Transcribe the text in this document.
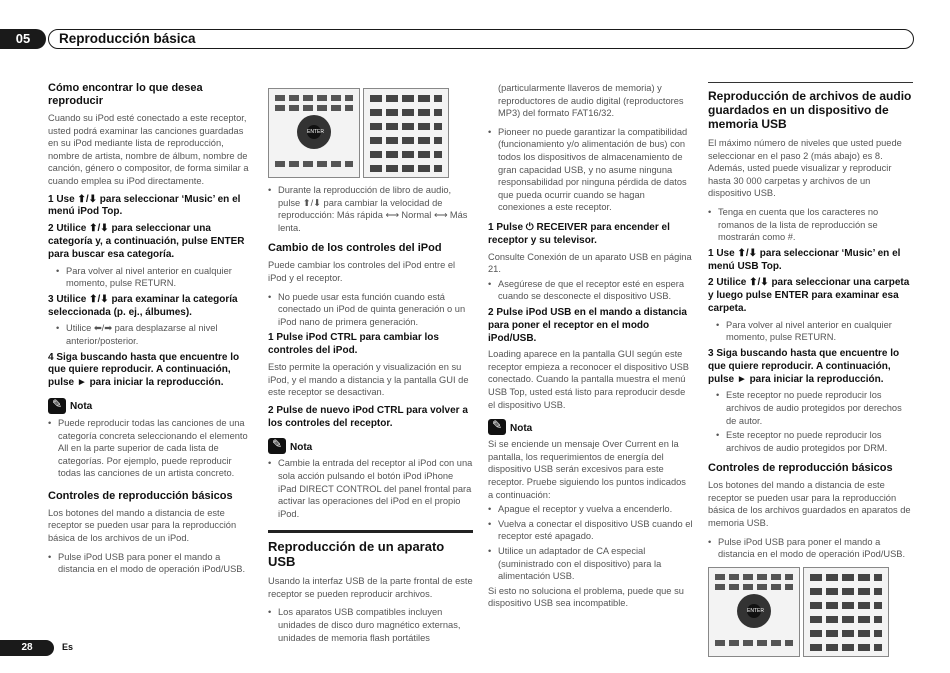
05	Reproducción básica
Cómo encontrar lo que desea reproducir
Cuando su iPod esté conectado a este receptor, usted podrá examinar las canciones guardadas en su iPod mediante lista de reproducción, nombre de artista, nombre de álbum, nombre de canción, género o compositor, de forma similar a cuando emplea su iPod directamente.
1 Use ⬆/⬇ para seleccionar ‘Music’ en el menú iPod Top.
2 Utilice ⬆/⬇ para seleccionar una categoría y, a continuación, pulse ENTER para buscar esa categoría.
• Para volver al nivel anterior en cualquier momento, pulse RETURN.
3 Utilice ⬆/⬇ para examinar la categoría seleccionada (p. ej., álbumes).
• Utilice ⬅/➡ para desplazarse al nivel anterior/posterior.
4 Siga buscando hasta que encuentre lo que quiere reproducir. A continuación, pulse ► para iniciar la reproducción.
✎
Nota
• Puede reproducir todas las canciones de una categoría concreta seleccionando el elemento All en la parte superior de cada lista de categorías. Por ejemplo, puede reproducir todas las canciones de un artista concreto.
Controles de reproducción básicos
Los botones del mando a distancia de este receptor se pueden usar para la reproducción básica de los archivos de un iPod.
• Pulse iPod USB para poner el mando a distancia en el modo de operación iPod/USB.
ENTER
• Durante la reproducción de libro de audio, pulse ⬆/⬇ para cambiar la velocidad de reproducción: Más rápida ⟷ Normal ⟷ Más lenta.
Cambio de los controles del iPod
Puede cambiar los controles del iPod entre el iPod y el receptor.
• No puede usar esta función cuando está conectado un iPod de quinta generación o un iPod nano de primera generación.
1 Pulse iPod CTRL para cambiar los controles del iPod.
Esto permite la operación y visualización en su iPod, y el mando a distancia y la pantalla GUI de este receptor se desactivan.
2 Pulse de nuevo iPod CTRL para volver a los controles del receptor.
✎
Nota
• Cambie la entrada del receptor al iPod con una sola acción pulsando el botón iPod iPhone iPad DIRECT CONTROL del panel frontal para activar las operaciones del iPod en el propio iPod.
Reproducción de un aparato USB
Usando la interfaz USB de la parte frontal de este receptor se pueden reproducir archivos.
• Los aparatos USB compatibles incluyen unidades de disco duro magnético externas, unidades de memoria flash portátiles
(particularmente llaveros de memoria) y reproductores de audio digital (reproductores MP3) del formato FAT16/32.
• Pioneer no puede garantizar la compatibilidad (funcionamiento y/o alimentación de bus) con todos los dispositivos de almacenamiento de gran capacidad USB, y no asume ninguna responsabilidad por ninguna pérdida de datos que pueda ocurrir cuando se hagan conexiones a este receptor.
1 Pulse ⏻ RECEIVER para encender el receptor y su televisor.
Consulte Conexión de un aparato USB en página 21.
• Asegúrese de que el receptor esté en espera cuando se desconecte el dispositivo USB.
2 Pulse iPod USB en el mando a distancia para poner el receptor en el modo iPod/USB.
Loading aparece en la pantalla GUI según este receptor empieza a reconocer el dispositivo USB conectado. Cuando la pantalla muestra el menú USB Top, usted está listo para reproducir desde el dispositivo USB.
✎
Nota
Si se enciende un mensaje Over Current en la pantalla, los requerimientos de energía del dispositivo USB serán excesivos para este receptor. Pruebe siguiendo los puntos indicados a continuación:
• Apague el receptor y vuelva a encenderlo.
• Vuelva a conectar el dispositivo USB cuando el receptor esté apagado.
• Utilice un adaptador de CA especial (suministrado con el dispositivo) para la alimentación USB.
Si esto no soluciona el problema, puede que su dispositivo USB sea incompatible.
Reproducción de archivos de audio guardados en un dispositivo de memoria USB
El máximo número de niveles que usted puede seleccionar en el paso 2 (más abajo) es 8. Además, usted puede visualizar y reproducir hasta 30 000 carpetas y archivos de un dispositivo USB.
• Tenga en cuenta que los caracteres no romanos de la lista de reproducción se mostrarán como #.
1 Use ⬆/⬇ para seleccionar ‘Music’ en el menú USB Top.
2 Utilice ⬆/⬇ para seleccionar una carpeta y luego pulse ENTER para examinar esa carpeta.
• Para volver al nivel anterior en cualquier momento, pulse RETURN.
3 Siga buscando hasta que encuentre lo que quiere reproducir. A continuación, pulse ► para iniciar la reproducción.
• Este receptor no puede reproducir los archivos de audio protegidos por derechos de autor.
• Este receptor no puede reproducir los archivos de audio protegidos por DRM.
Controles de reproducción básicos
Los botones del mando a distancia de este receptor se pueden usar para la reproducción básica de los archivos guardados en aparatos de memoria USB.
• Pulse iPod USB para poner el mando a distancia en el modo de operación iPod/USB.
ENTER
28	Es
